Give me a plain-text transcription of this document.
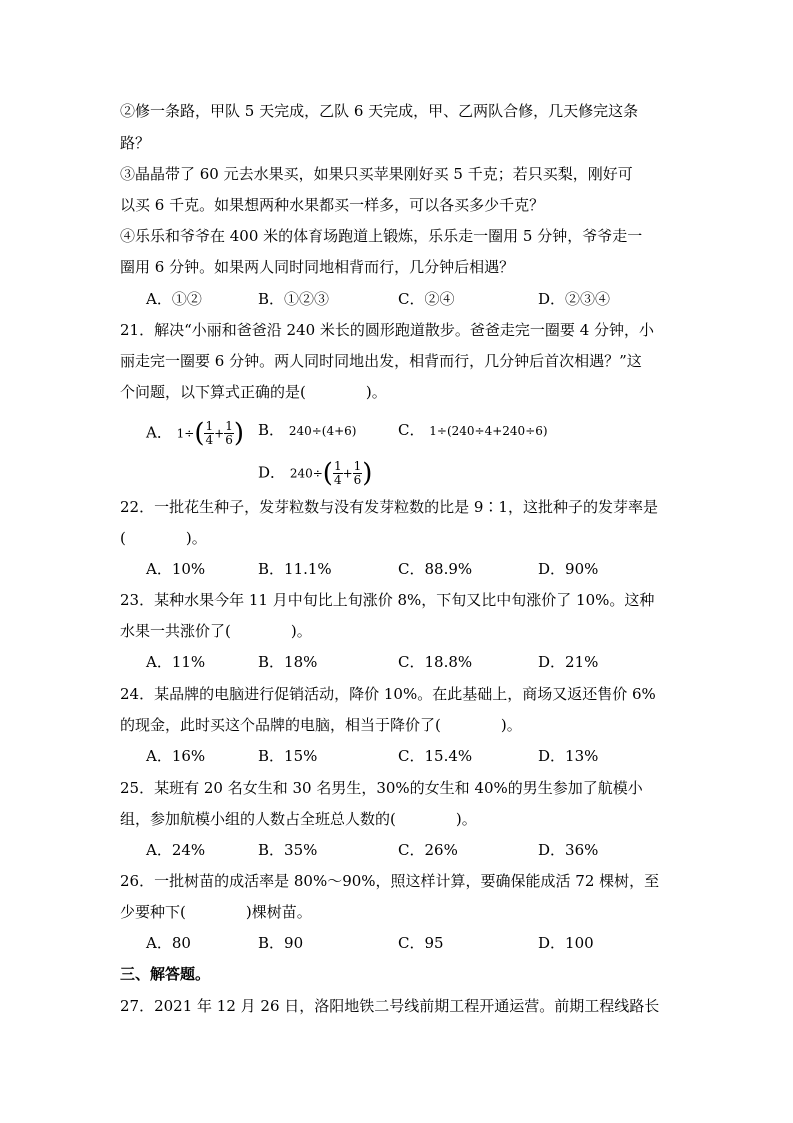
②修一条路，甲队 5 天完成，乙队 6 天完成，甲、乙两队合修，几天修完这条
路？
③晶晶带了 60 元去水果买，如果只买苹果刚好买 5 千克；若只买梨，刚好可
以买 6 千克。如果想两种水果都买一样多，可以各买多少千克？
④乐乐和爷爷在 400 米的体育场跑道上锻炼，乐乐走一圈用 5 分钟，爷爷走一
圈用 6 分钟。如果两人同时同地相背而行，几分钟后相遇？
A．①②	B．①②③	C．②④	D．②③④
21．解决“小丽和爸爸沿 240 米长的圆形跑道散步。爸爸走完一圈要 4 分钟，小
丽走完一圈要 6 分钟。两人同时同地出发，相背而行，几分钟后首次相遇？”这
个问题，以下算式正确的是(　　　　)。
A． $1\div( \frac{1}{4} + \frac{1}{6}$ ) B． 240÷(4+6)	C． 1÷(240÷4+240÷6)
D． $240\div( \frac{1}{4} + \frac{1}{6}$ )
22．一批花生种子，发芽粒数与没有发芽粒数的比是 9∶1，这批种子的发芽率是
(　　　　)。
A．10%	B．11.1%	C．88.9%	D．90%
23．某种水果今年 11 月中旬比上旬涨价 8%，下旬又比中旬涨价了 10%。这种
水果一共涨价了(　　　　)。
A．11%	B．18%	C．18.8%	D．21%
24．某品牌的电脑进行促销活动，降价 10%。在此基础上，商场又返还售价 6%
的现金，此时买这个品牌的电脑，相当于降价了(　　　　)。
A．16%	B．15%	C．15.4%	D．13%
25．某班有 20 名女生和 30 名男生，30%的女生和 40%的男生参加了航模小
组，参加航模小组的人数占全班总人数的(　　　　)。
A．24%	B．35%	C．26%	D．36%
26．一批树苗的成活率是 80%～90%，照这样计算，要确保能成活 72 棵树，至
少要种下(　　　　)棵树苗。
A．80	B．90	C．95	D．100
三、解答题。
27．2021 年 12 月 26 日，洛阳地铁二号线前期工程开通运营。前期工程线路长
